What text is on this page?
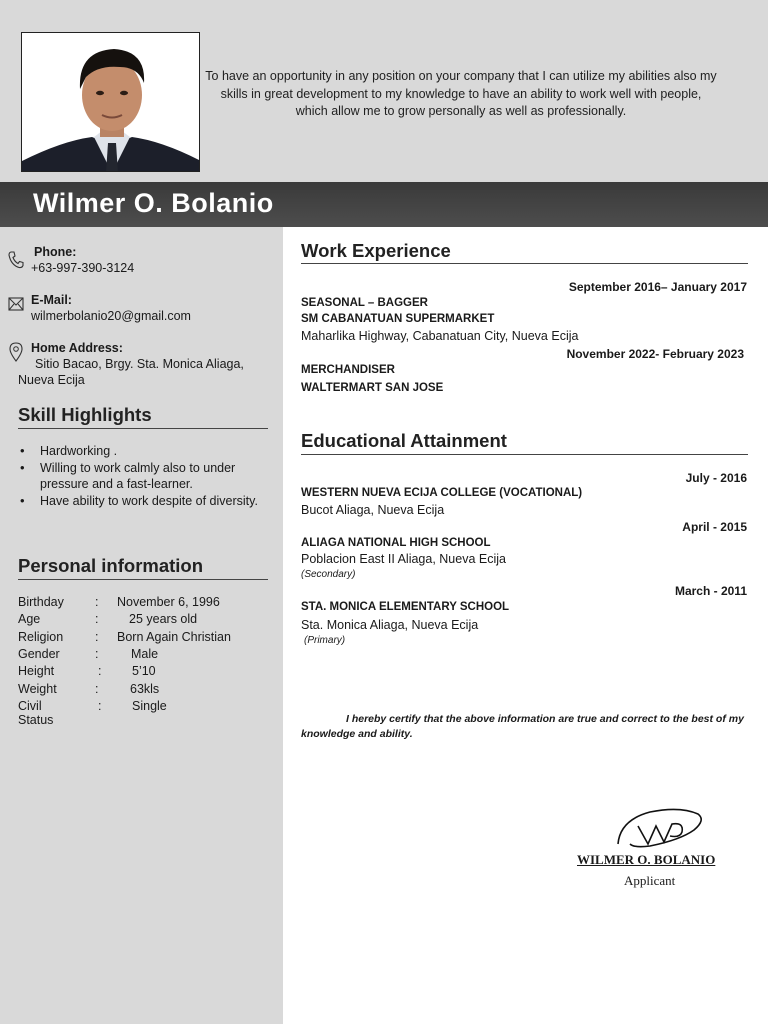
To have an opportunity in any position on your company that I can utilize my abilities also my skills in great development to my knowledge to have an ability to work well with people, which allow me to grow personally as well as professionally.
Wilmer O. Bolanio
Phone:
+63-997-390-3124
E-Mail:
wilmerbolanio20@gmail.com
Home Address:
Sitio Bacao, Brgy. Sta. Monica Aliaga,
Nueva Ecija
Skill Highlights
• Hardworking .
• Willing to work calmly also to under pressure and a fast-learner.
• Have ability to work despite of diversity.
Personal information
Birthday : November 6, 1996
Age	: 25 years old
Religion	: Born Again Christian
Gender	:	Male
Height	: 5’10
Weight	:	63kls
Civil Status
: Single
Work Experience
September 2016– January 2017
SEASONAL – BAGGER
SM CABANATUAN SUPERMARKET
Maharlika Highway, Cabanatuan City, Nueva Ecija
November 2022- February 2023
MERCHANDISER
WALTERMART SAN JOSE
Educational Attainment
July - 2016
WESTERN NUEVA ECIJA COLLEGE (VOCATIONAL)
Bucot Aliaga, Nueva Ecija
April - 2015
ALIAGA NATIONAL HIGH SCHOOL
Poblacion East II Aliaga, Nueva Ecija
(Secondary)
March - 2011
STA. MONICA ELEMENTARY SCHOOL
Sta. Monica Aliaga, Nueva Ecija
(Primary)
I hereby certify that the above information are true and correct to the best of my knowledge and ability.
WILMER O. BOLANIO
Applicant
